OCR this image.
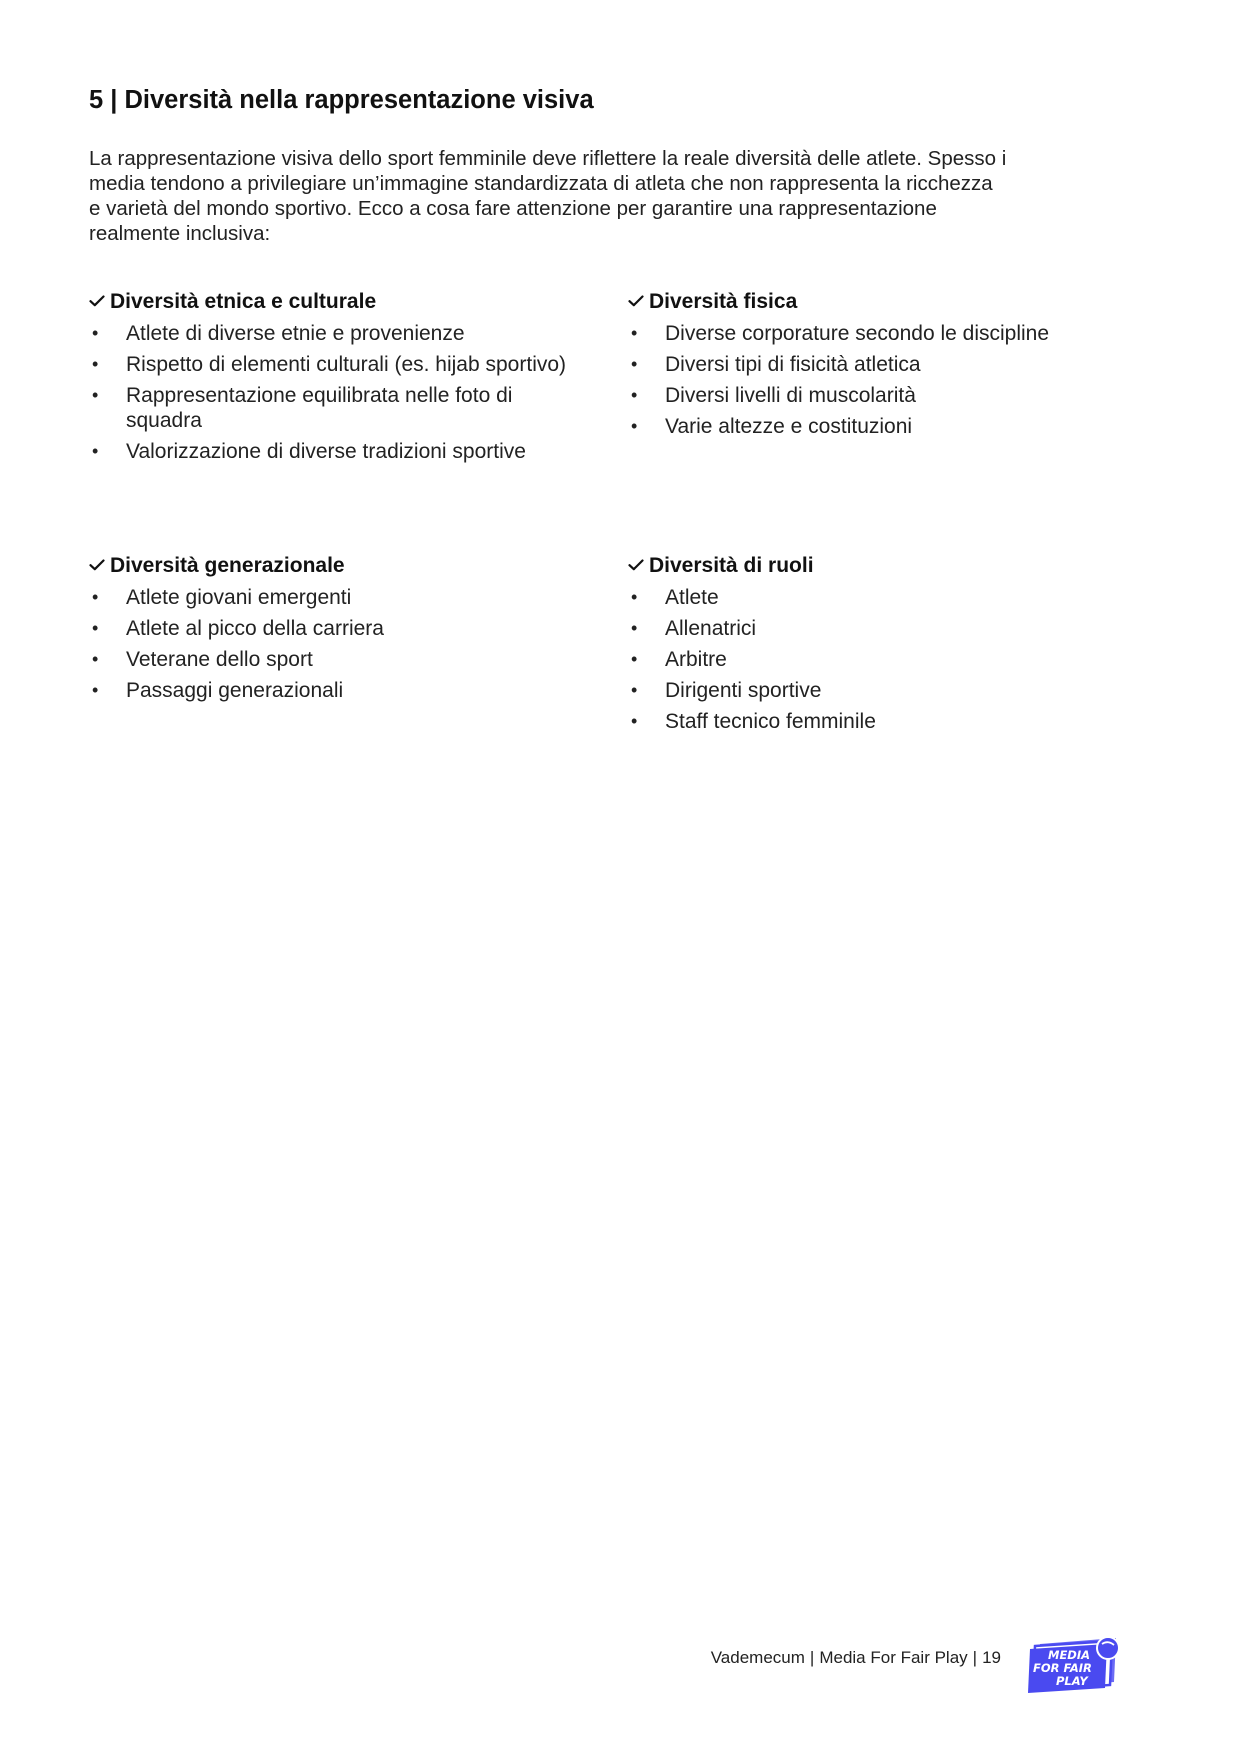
5 | Diversità nella rappresentazione visiva

La rappresentazione visiva dello sport femminile deve riflettere la reale diversità delle atlete. Spesso i media tendono a privilegiare un’immagine standardizzata di atleta che non rappresenta la ricchezza e varietà del mondo sportivo. Ecco a cosa fare attenzione per garantire una rappresentazione realmente inclusiva:

Diversità etnica e culturale
• Atlete di diverse etnie e provenienze
• Rispetto di elementi culturali (es. hijab sportivo)
• Rappresentazione equilibrata nelle foto di squadra
• Valorizzazione di diverse tradizioni sportive
Diversità fisica
• Diverse corporature secondo le discipline
• Diversi tipi di fisicità atletica
• Diversi livelli di muscolarità
• Varie altezze e costituzioni
Diversità generazionale
• Atlete giovani emergenti
• Atlete al picco della carriera
• Veterane dello sport
• Passaggi generazionali
Diversità di ruoli
• Atlete
• Allenatrici
• Arbitre
• Dirigenti sportive
• Staff tecnico femminile
Vademecum | Media For Fair Play | 19	MEDIA
FOR FAIR
PLAY
